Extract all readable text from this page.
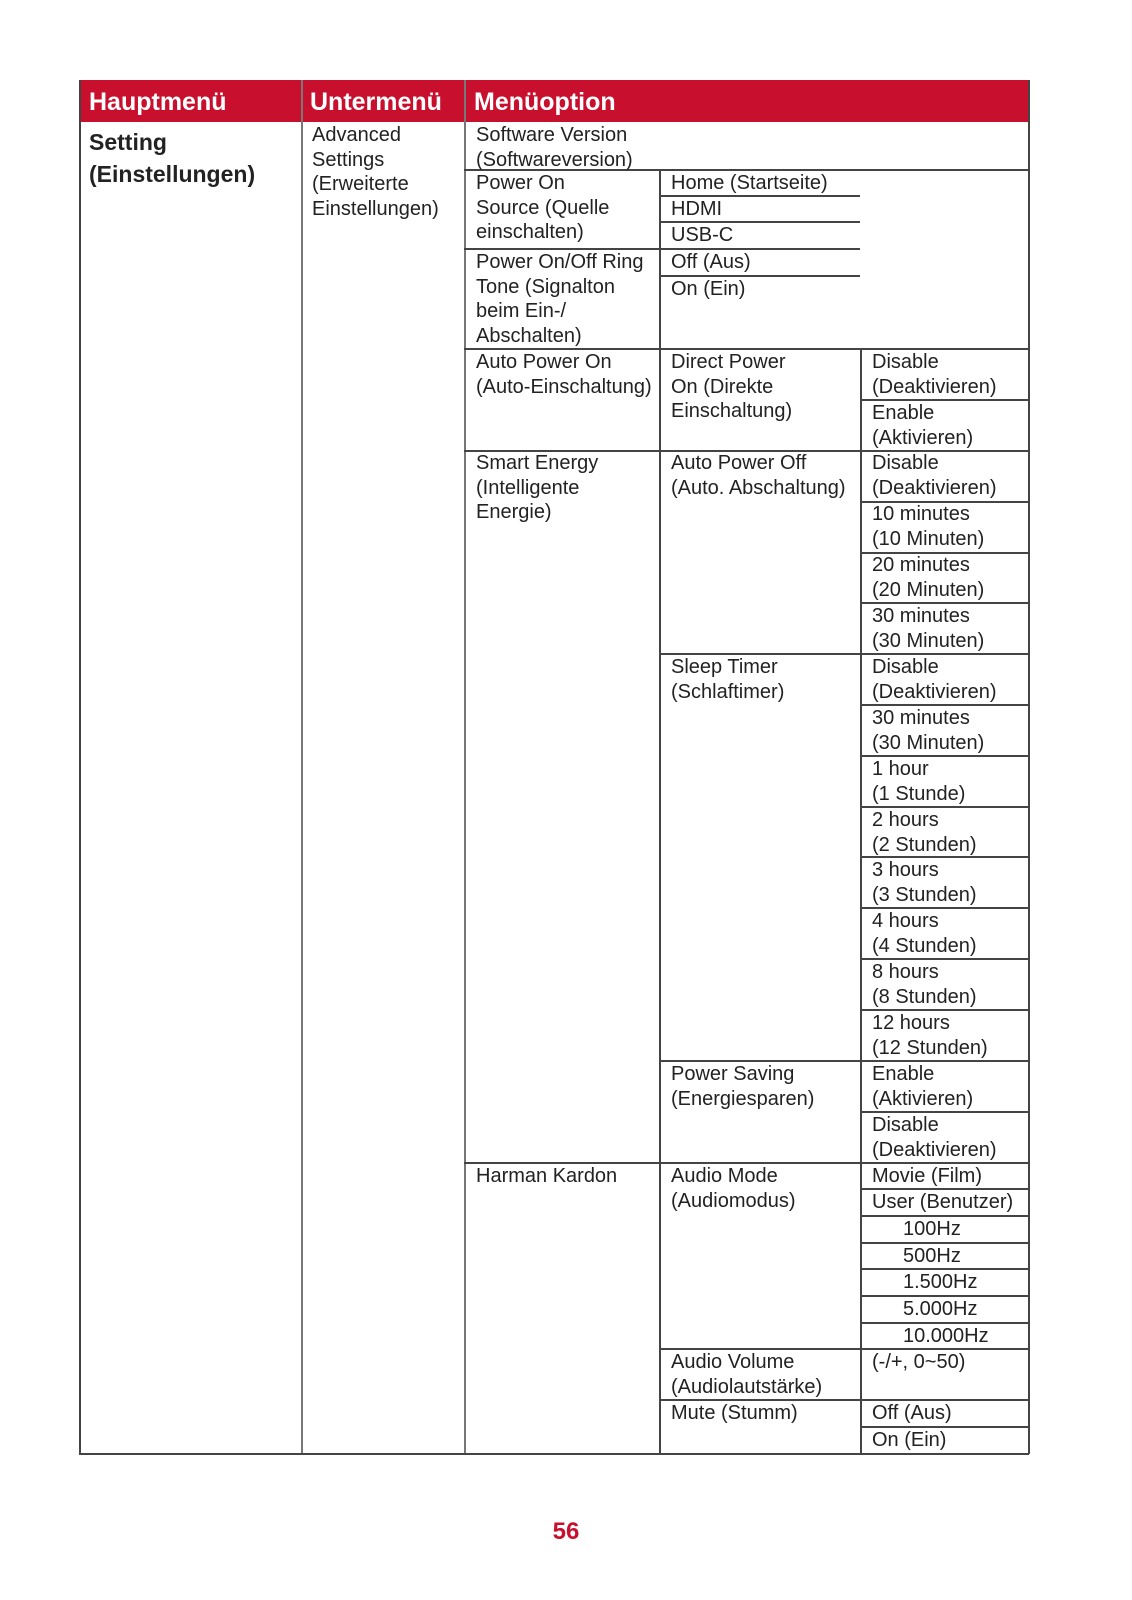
Hauptmenü	Untermenü Menüoption
Setting
(Einstellungen)
Advanced
Settings
(Erweiterte
Einstellungen)
Software Version
(Softwareversion)
Power On
Source (Quelle
einschalten)
Power On/Off Ring
Tone (Signalton
beim Ein-/
Abschalten)
Auto Power On
(Auto-Einschaltung)
Smart Energy
(Intelligente
Energie)
Harman Kardon
Home (Startseite)
HDMI
USB-C
Off (Aus)
On (Ein)
Direct Power
On (Direkte
Einschaltung)
Auto Power Off
(Auto. Abschaltung)
Sleep Timer
(Schlaftimer)
Power Saving
(Energiesparen)
Audio Mode
(Audiomodus)
Audio Volume
(Audiolautstärke)
Mute (Stumm)
Disable
(Deaktivieren)
Enable
(Aktivieren)
Disable
(Deaktivieren)
10 minutes
(10 Minuten)
20 minutes
(20 Minuten)
30 minutes
(30 Minuten)
Disable
(Deaktivieren)
30 minutes
(30 Minuten)
1 hour
(1 Stunde)
2 hours
(2 Stunden)
3 hours
(3 Stunden)
4 hours
(4 Stunden)
8 hours
(8 Stunden)
12 hours
(12 Stunden)
Enable
(Aktivieren)
Disable
(Deaktivieren)
Movie (Film)
User (Benutzer)
100Hz
500Hz
1.500Hz
5.000Hz
10.000Hz
(-/+, 0~50)
Off (Aus)
On (Ein)
56
